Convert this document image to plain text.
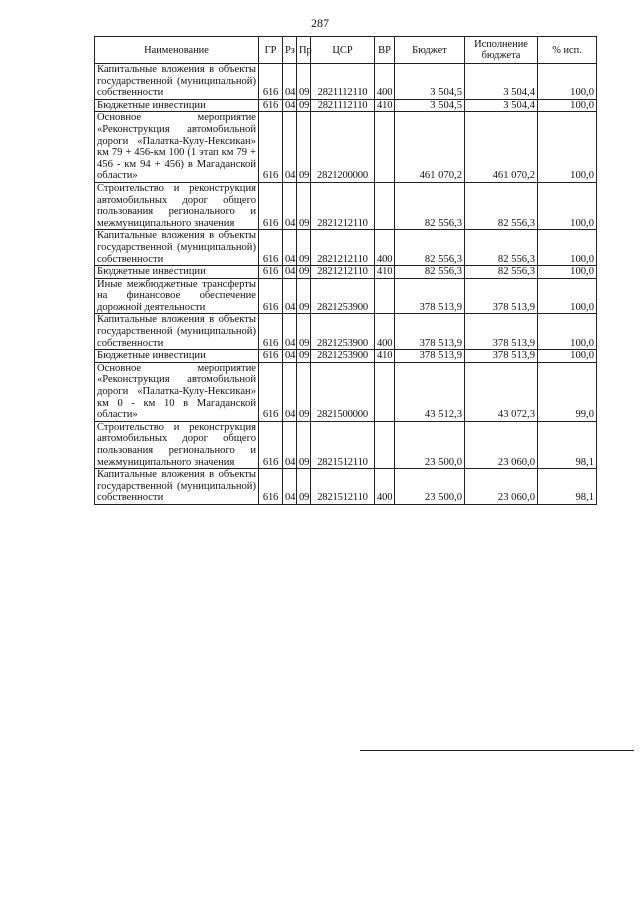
287
Наименование	ГР	Рз	Пр	ЦСР	ВР	Бюджет	Исполнение бюджета	% исп.
Капитальные вложения в объекты государственной (муниципальной) собственности	616	04	09	2821112110	400	3 504,5	3 504,4	100,0
Бюджетные инвестиции	616	04	09	2821112110	410	3 504,5	3 504,4	100,0
Основное мероприятие «Реконструкция автомобильной дороги «Палатка-Кулу-Нексикан» км 79 + 456-км 100 (1 этап км 79 + 456 - км 94 + 456) в Магаданской области»	616	04	09	2821200000		461 070,2	461 070,2	100,0
Строительство и реконструкция автомобильных дорог общего пользования регионального и межмуниципального значения	616	04	09	2821212110		82 556,3	82 556,3	100,0
Капитальные вложения в объекты государственной (муниципальной) собственности	616	04	09	2821212110	400	82 556,3	82 556,3	100,0
Бюджетные инвестиции	616	04	09	2821212110	410	82 556,3	82 556,3	100,0
Иные межбюджетные трансферты на финансовое обеспечение дорожной деятельности	616	04	09	2821253900		378 513,9	378 513,9	100,0
Капитальные вложения в объекты государственной (муниципальной) собственности	616	04	09	2821253900	400	378 513,9	378 513,9	100,0
Бюджетные инвестиции	616	04	09	2821253900	410	378 513,9	378 513,9	100,0
Основное мероприятие «Реконструкция автомобильной дороги «Палатка-Кулу-Нексикан» км 0 - км 10 в Магаданской области»	616	04	09	2821500000		43 512,3	43 072,3	99,0
Строительство и реконструкция автомобильных дорог общего пользования регионального и межмуниципального значения	616	04	09	2821512110		23 500,0	23 060,0	98,1
Капитальные вложения в объекты государственной (муниципальной) собственности	616	04	09	2821512110	400	23 500,0	23 060,0	98,1
